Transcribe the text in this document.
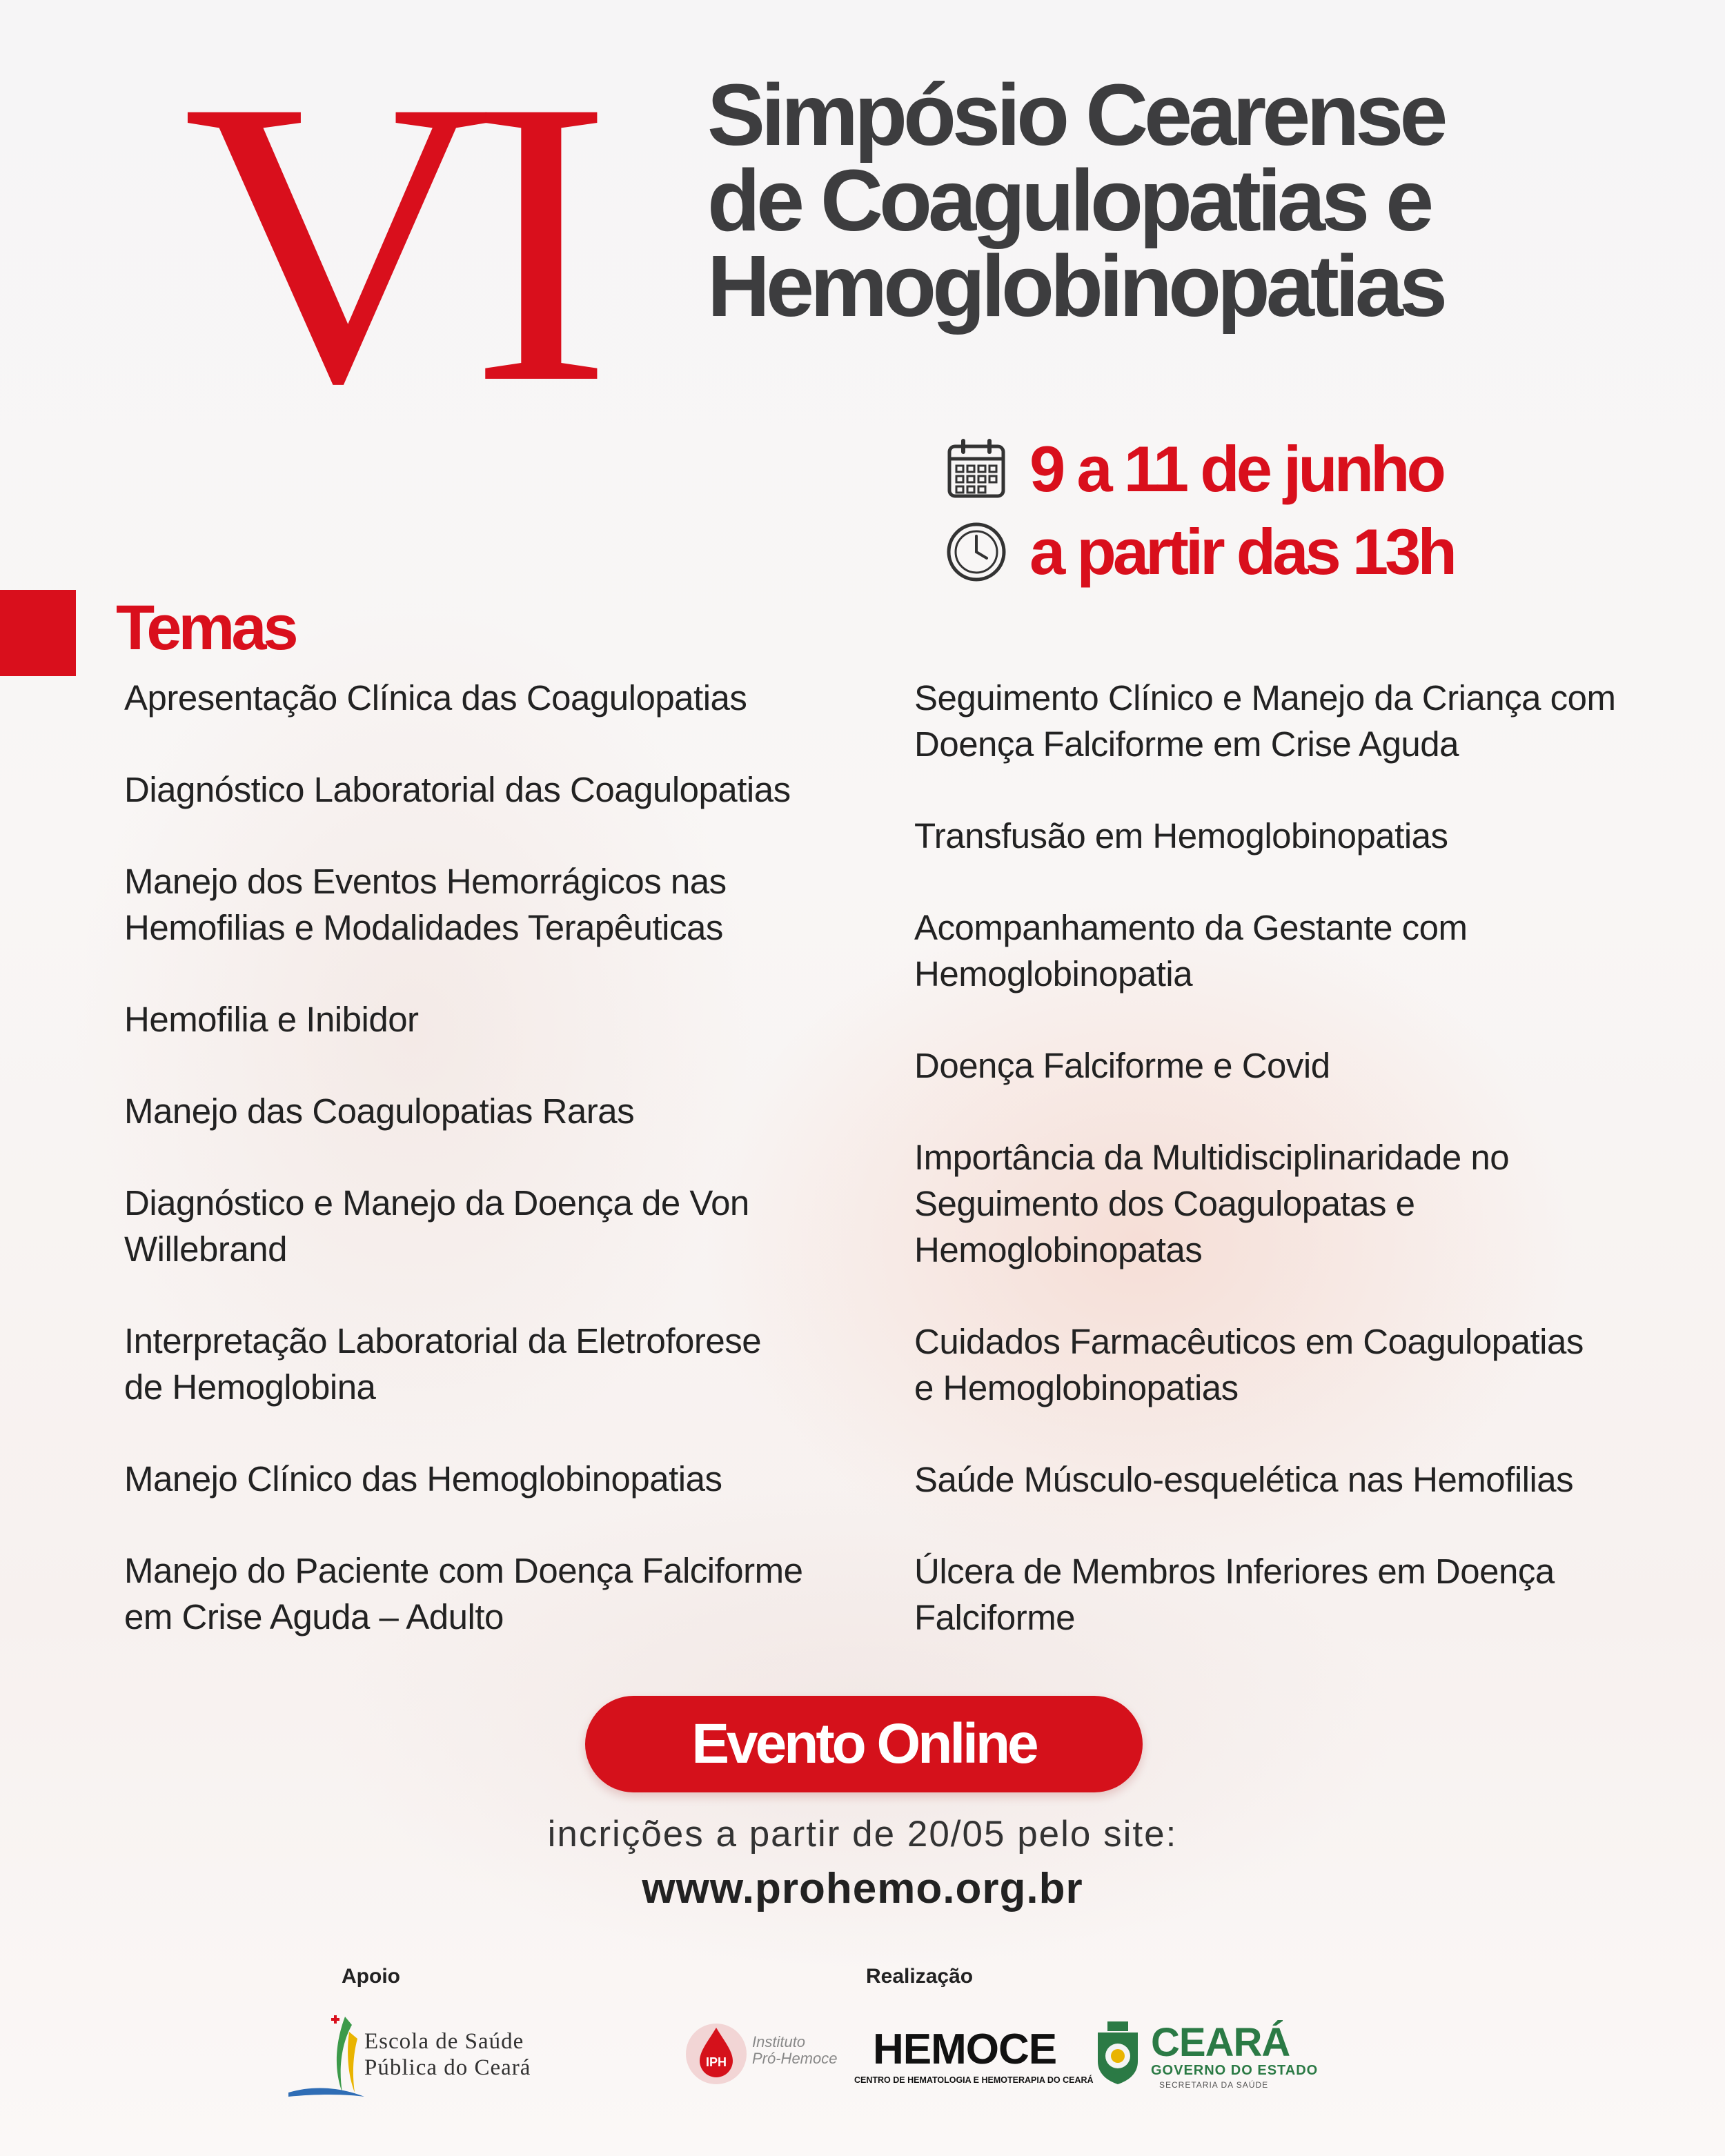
VI Simpósio Cearense
de Coagulopatias e
Hemoglobinopatias
9 a 11 de junho
a partir das 13h
Temas
Apresentação Clínica das Coagulopatias
Diagnóstico Laboratorial das Coagulopatias
Manejo dos Eventos Hemorrágicos nas
Hemofilias e Modalidades Terapêuticas
Hemofilia e Inibidor
Manejo das Coagulopatias Raras
Diagnóstico e Manejo da Doença de Von
Willebrand
Interpretação Laboratorial da Eletroforese
de Hemoglobina
Manejo Clínico das Hemoglobinopatias
Manejo do Paciente com Doença Falciforme
em Crise Aguda – Adulto
Seguimento Clínico e Manejo da Criança com
Doença Falciforme em Crise Aguda
Transfusão em Hemoglobinopatias
Acompanhamento da Gestante com
Hemoglobinopatia
Doença Falciforme e Covid
Importância da Multidisciplinaridade no
Seguimento dos Coagulopatas e
Hemoglobinopatas
Cuidados Farmacêuticos em Coagulopatias
e Hemoglobinopatias
Saúde Músculo-esquelética nas Hemofilias
Úlcera de Membros Inferiores em Doença
Falciforme
Evento Online
incrições a partir de 20/05 pelo site:
www.prohemo.org.br
Apoio	Realização
Escola de Saúde
Pública do Ceará	IPH
Instituto
Pró-Hemoce HEMOCE
CENTRO DE HEMATOLOGIA E HEMOTERAPIA DO CEARÁ
CEARÁ
GOVERNO DO ESTADO
SECRETARIA DA SAÚDE
